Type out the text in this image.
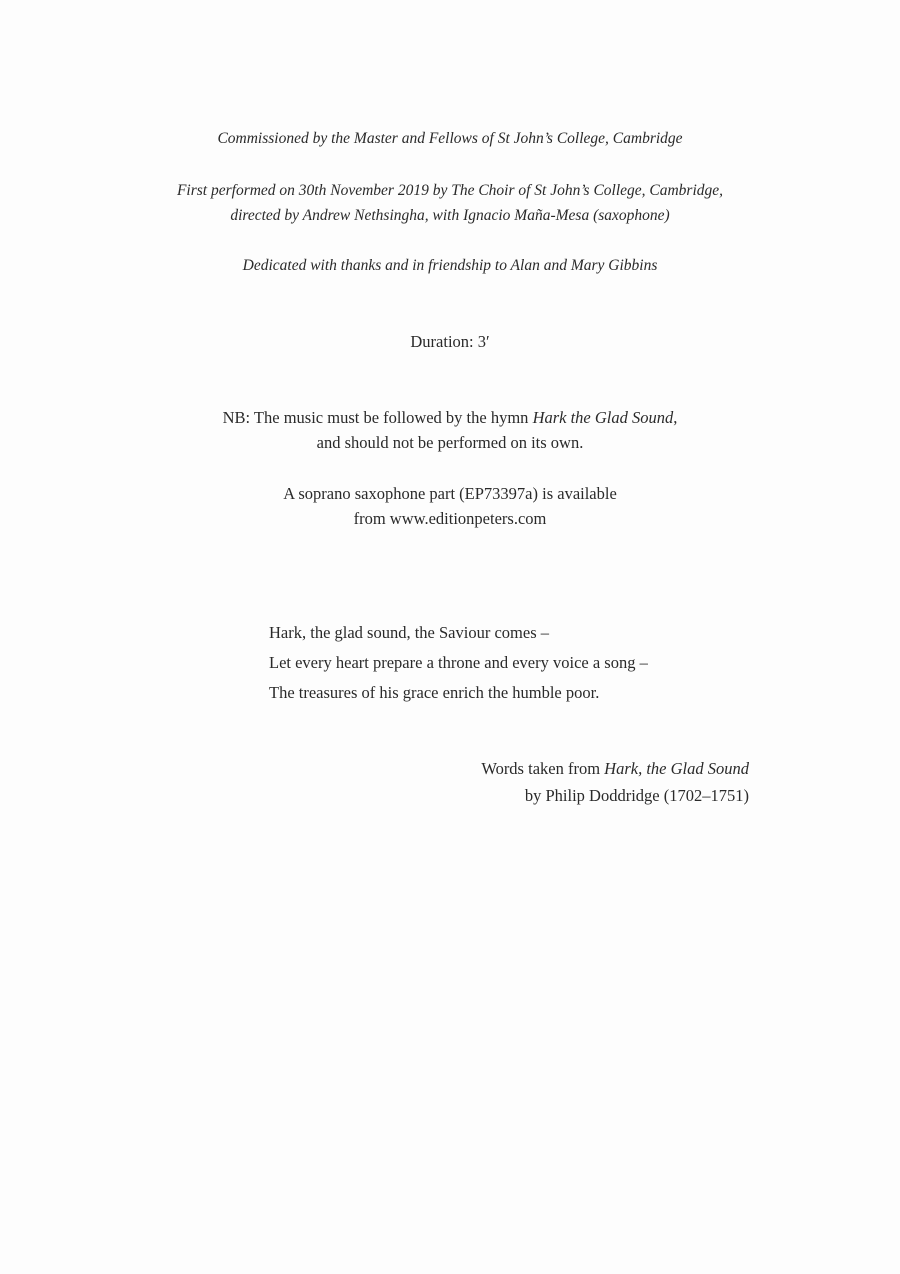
Commissioned by the Master and Fellows of St John’s College, Cambridge
First performed on 30th November 2019 by The Choir of St John’s College, Cambridge,
directed by Andrew Nethsingha, with Ignacio Maña-Mesa (saxophone)
Dedicated with thanks and in friendship to Alan and Mary Gibbins
Duration: 3′
NB: The music must be followed by the hymn Hark the Glad Sound,
and should not be performed on its own.
A soprano saxophone part (EP73397a) is available
from www.editionpeters.com
Hark, the glad sound, the Saviour comes –
Let every heart prepare a throne and every voice a song –
The treasures of his grace enrich the humble poor.
Words taken from Hark, the Glad Sound
by Philip Doddridge (1702–1751)
